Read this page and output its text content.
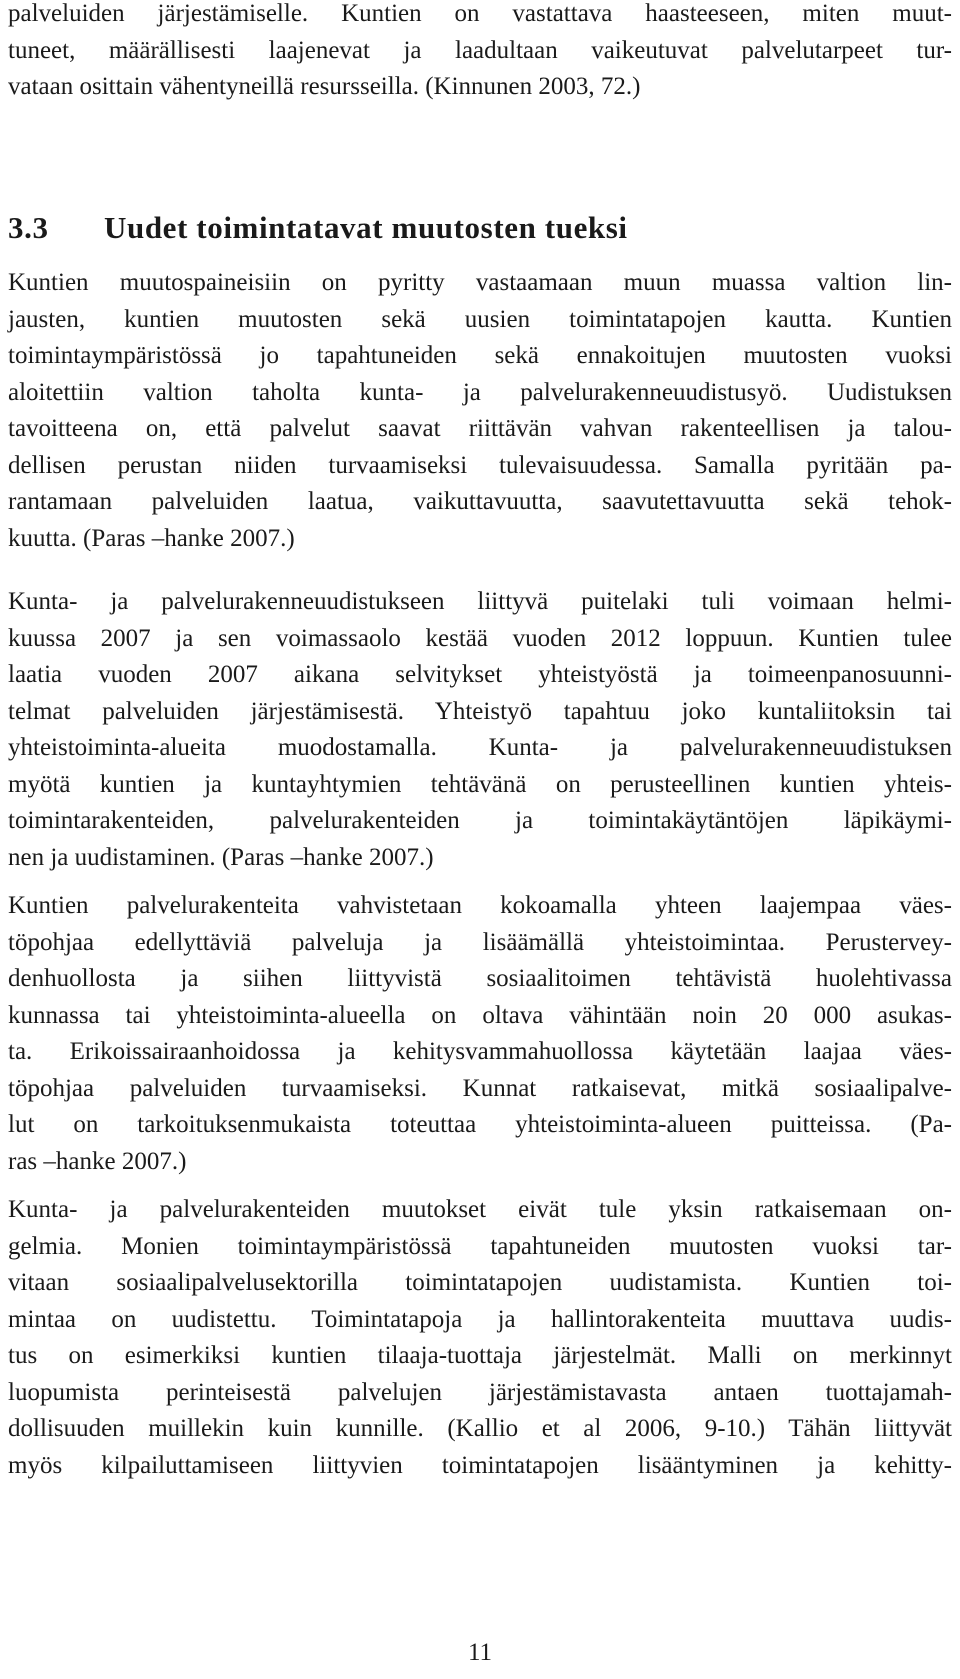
palveluiden järjestämiselle. Kuntien on vastattava haasteeseen, miten muut-
tuneet, määrällisesti laajenevat ja laadultaan vaikeutuvat palvelutarpeet tur-
vataan osittain vähentyneillä resursseilla. (Kinnunen 2003, 72.)

3.3 Uudet toimintatavat muutosten tueksi

Kuntien muutospaineisiin on pyritty vastaamaan muun muassa valtion lin-
jausten, kuntien muutosten sekä uusien toimintatapojen kautta. Kuntien
toimintaympäristössä jo tapahtuneiden sekä ennakoitujen muutosten vuoksi
aloitettiin valtion taholta kunta- ja palvelurakenneuudistusyö. Uudistuksen
tavoitteena on, että palvelut saavat riittävän vahvan rakenteellisen ja talou-
dellisen perustan niiden turvaamiseksi tulevaisuudessa. Samalla pyritään pa-
rantamaan palveluiden laatua, vaikuttavuutta, saavutettavuutta sekä tehok-
kuutta. (Paras –hanke 2007.)

Kunta- ja palvelurakenneuudistukseen liittyvä puitelaki tuli voimaan helmi-
kuussa 2007 ja sen voimassaolo kestää vuoden 2012 loppuun. Kuntien tulee
laatia vuoden 2007 aikana selvitykset yhteistyöstä ja toimeenpanosuunni-
telmat palveluiden järjestämisestä. Yhteistyö tapahtuu joko kuntaliitoksin tai
yhteistoiminta-alueita muodostamalla. Kunta- ja palvelurakenneuudistuksen
myötä kuntien ja kuntayhtymien tehtävänä on perusteellinen kuntien yhteis-
toimintarakenteiden, palvelurakenteiden ja toimintakäytäntöjen läpikäymi-
nen ja uudistaminen. (Paras –hanke 2007.)

Kuntien palvelurakenteita vahvistetaan kokoamalla yhteen laajempaa väes-
töpohjaa edellyttäviä palveluja ja lisäämällä yhteistoimintaa. Perustervey-
denhuollosta ja siihen liittyvistä sosiaalitoimen tehtävistä huolehtivassa
kunnassa tai yhteistoiminta-alueella on oltava vähintään noin 20 000 asukas-
ta. Erikoissairaanhoidossa ja kehitysvammahuollossa käytetään laajaa väes-
töpohjaa palveluiden turvaamiseksi. Kunnat ratkaisevat, mitkä sosiaalipalve-
lut on tarkoituksenmukaista toteuttaa yhteistoiminta-alueen puitteissa. (Pa-
ras –hanke 2007.)

Kunta- ja palvelurakenteiden muutokset eivät tule yksin ratkaisemaan on-
gelmia. Monien toimintaympäristössä tapahtuneiden muutosten vuoksi tar-
vitaan sosiaalipalvelusektorilla toimintatapojen uudistamista. Kuntien toi-
mintaa on uudistettu. Toimintatapoja ja hallintorakenteita muuttava uudis-
tus on esimerkiksi kuntien tilaaja-tuottaja järjestelmät. Malli on merkinnyt
luopumista perinteisestä palvelujen järjestämistavasta antaen tuottajamah-
dollisuuden muillekin kuin kunnille. (Kallio et al 2006, 9-10.) Tähän liittyvät
myös kilpailuttamiseen liittyvien toimintatapojen lisääntyminen ja kehitty-

11
